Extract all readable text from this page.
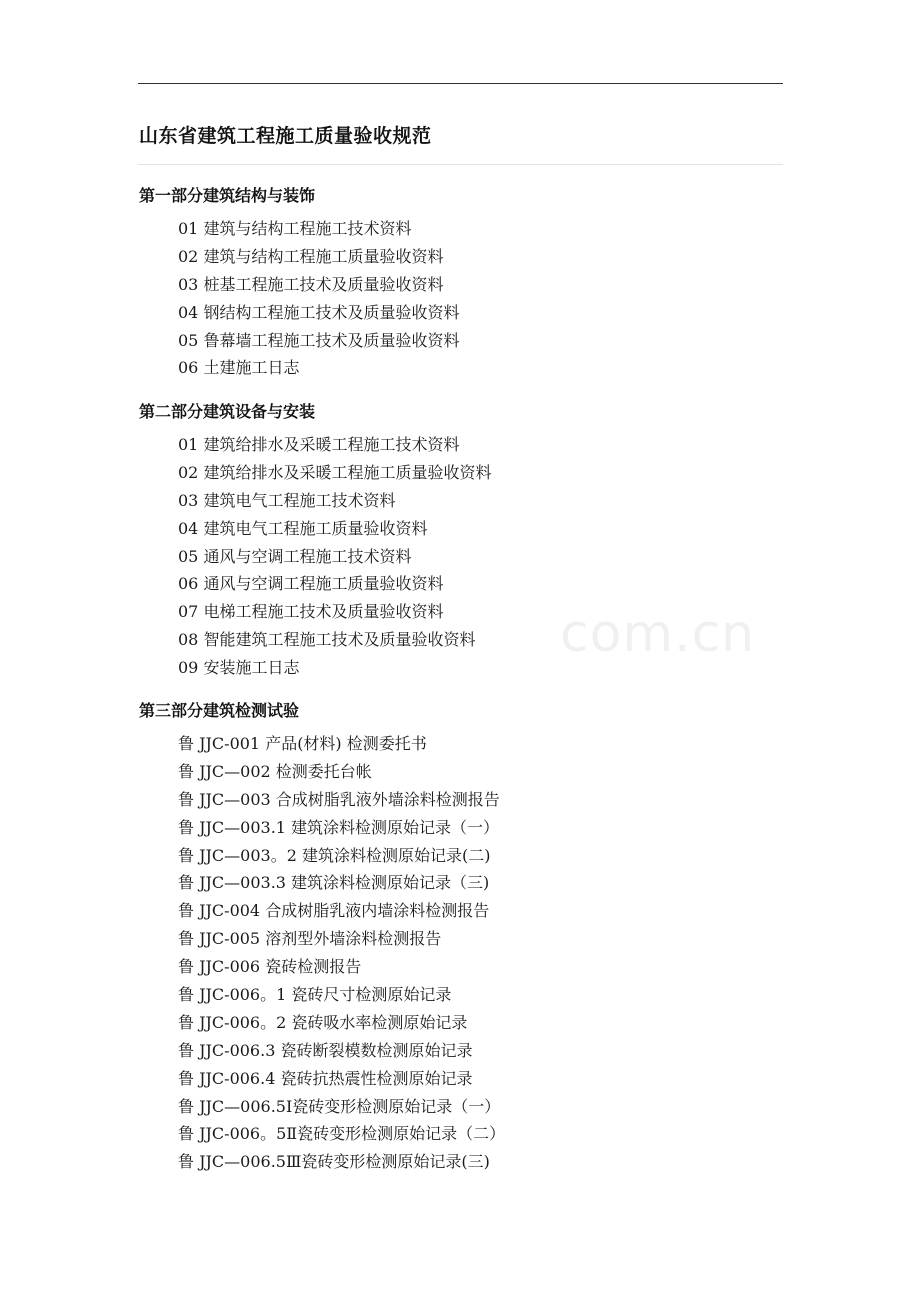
山东省建筑工程施工质量验收规范
com.cn
第一部分建筑结构与装饰
01 建筑与结构工程施工技术资料
02 建筑与结构工程施工质量验收资料
03 桩基工程施工技术及质量验收资料
04 钢结构工程施工技术及质量验收资料
05 鲁幕墙工程施工技术及质量验收资料
06 土建施工日志
第二部分建筑设备与安装
01 建筑给排水及采暖工程施工技术资料
02 建筑给排水及采暖工程施工质量验收资料
03 建筑电气工程施工技术资料
04 建筑电气工程施工质量验收资料
05 通风与空调工程施工技术资料
06 通风与空调工程施工质量验收资料
07 电梯工程施工技术及质量验收资料
08 智能建筑工程施工技术及质量验收资料
09 安装施工日志
第三部分建筑检测试验
鲁 JJC-001 产品(材料) 检测委托书
鲁 JJC—002 检测委托台帐
鲁 JJC—003 合成树脂乳液外墙涂料检测报告
鲁 JJC—003.1 建筑涂料检测原始记录（一）
鲁 JJC—003。2 建筑涂料检测原始记录(二)
鲁 JJC—003.3 建筑涂料检测原始记录（三)
鲁 JJC-004 合成树脂乳液内墙涂料检测报告
鲁 JJC-005 溶剂型外墙涂料检测报告
鲁 JJC-006 瓷砖检测报告
鲁 JJC-006。1 瓷砖尺寸检测原始记录
鲁 JJC-006。2 瓷砖吸水率检测原始记录
鲁 JJC-006.3 瓷砖断裂模数检测原始记录
鲁 JJC-006.4 瓷砖抗热震性检测原始记录
鲁 JJC—006.5Ⅰ瓷砖变形检测原始记录（一）
鲁 JJC-006。5Ⅱ瓷砖变形检测原始记录（二）
鲁 JJC—006.5Ⅲ瓷砖变形检测原始记录(三)
